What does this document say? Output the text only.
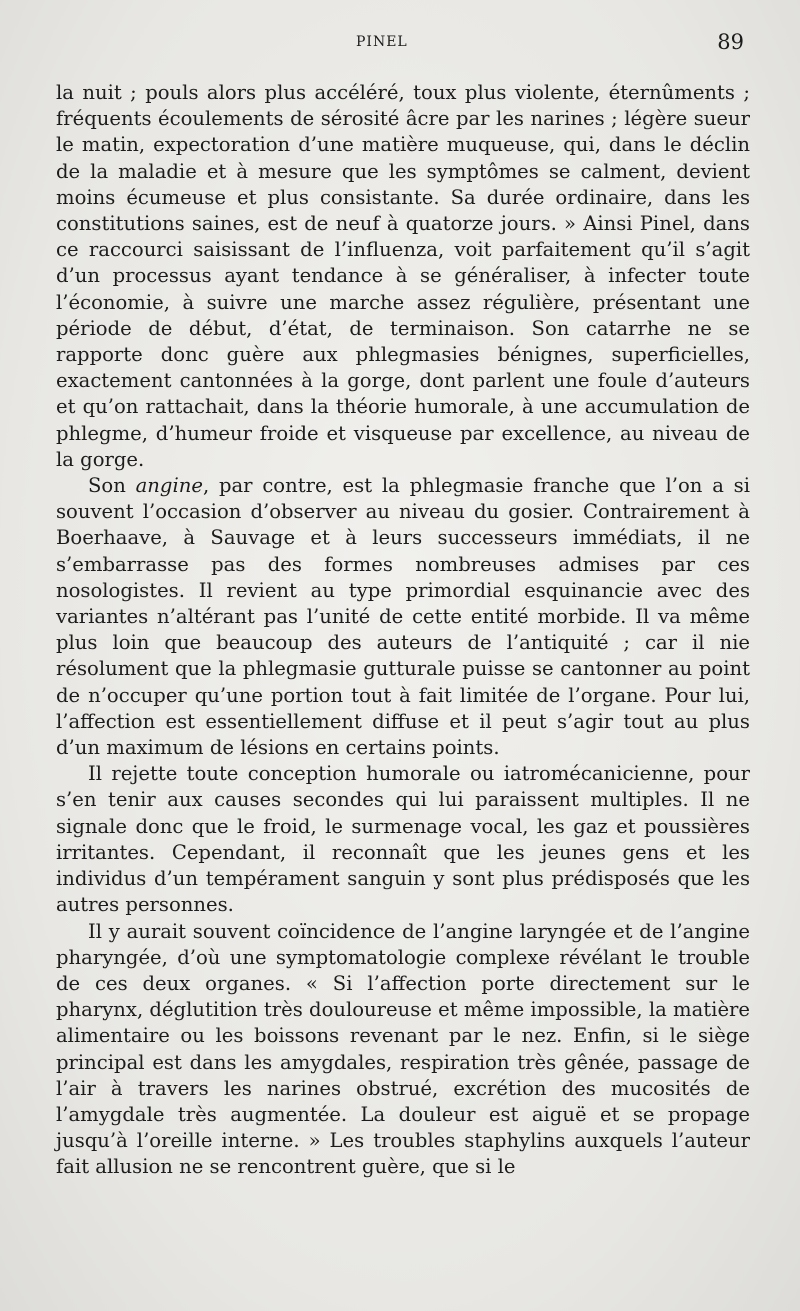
PINEL	89

la nuit ; pouls alors plus accéléré, toux plus violente, éternûments ; fréquents écoulements de sérosité âcre par les narines ; légère sueur le matin, expectoration d’une matière muqueuse, qui, dans le déclin de la maladie et à mesure que les symptômes se calment, devient moins écumeuse et plus consistante. Sa durée ordinaire, dans les constitutions saines, est de neuf à quatorze jours. » Ainsi Pinel, dans ce raccourci saisissant de l’influenza, voit parfaitement qu’il s’agit d’un processus ayant tendance à se généraliser, à infecter toute l’économie, à suivre une marche assez régulière, présentant une période de début, d’état, de terminaison. Son catarrhe ne se rapporte donc guère aux phlegmasies bénignes, superficielles, exactement cantonnées à la gorge, dont parlent une foule d’auteurs et qu’on rattachait, dans la théorie humorale, à une accumulation de phlegme, d’humeur froide et visqueuse par excellence, au niveau de la gorge.

Son angine, par contre, est la phlegmasie franche que l’on a si souvent l’occasion d’observer au niveau du gosier. Contrairement à Boerhaave, à Sauvage et à leurs successeurs immédiats, il ne s’embarrasse pas des formes nombreuses admises par ces nosologistes. Il revient au type primordial esquinancie avec des variantes n’altérant pas l’unité de cette entité morbide. Il va même plus loin que beaucoup des auteurs de l’antiquité ; car il nie résolument que la phlegmasie gutturale puisse se cantonner au point de n’occuper qu’une portion tout à fait limitée de l’organe. Pour lui, l’affection est essentiellement diffuse et il peut s’agir tout au plus d’un maximum de lésions en certains points.

Il rejette toute conception humorale ou iatromécanicienne, pour s’en tenir aux causes secondes qui lui paraissent multiples. Il ne signale donc que le froid, le surmenage vocal, les gaz et poussières irritantes. Cependant, il reconnaît que les jeunes gens et les individus d’un tempérament sanguin y sont plus prédisposés que les autres personnes.

Il y aurait souvent coïncidence de l’angine laryngée et de l’angine pharyngée, d’où une symptomatologie complexe révélant le trouble de ces deux organes. « Si l’affection porte directement sur le pharynx, déglutition très douloureuse et même impossible, la matière alimentaire ou les boissons revenant par le nez. Enfin, si le siège principal est dans les amygdales, respiration très gênée, passage de l’air à travers les narines obstrué, excrétion des mucosités de l’amygdale très augmentée. La douleur est aiguë et se propage jusqu’à l’oreille interne. » Les troubles staphylins auxquels l’auteur fait allusion ne se rencontrent guère, que si le
